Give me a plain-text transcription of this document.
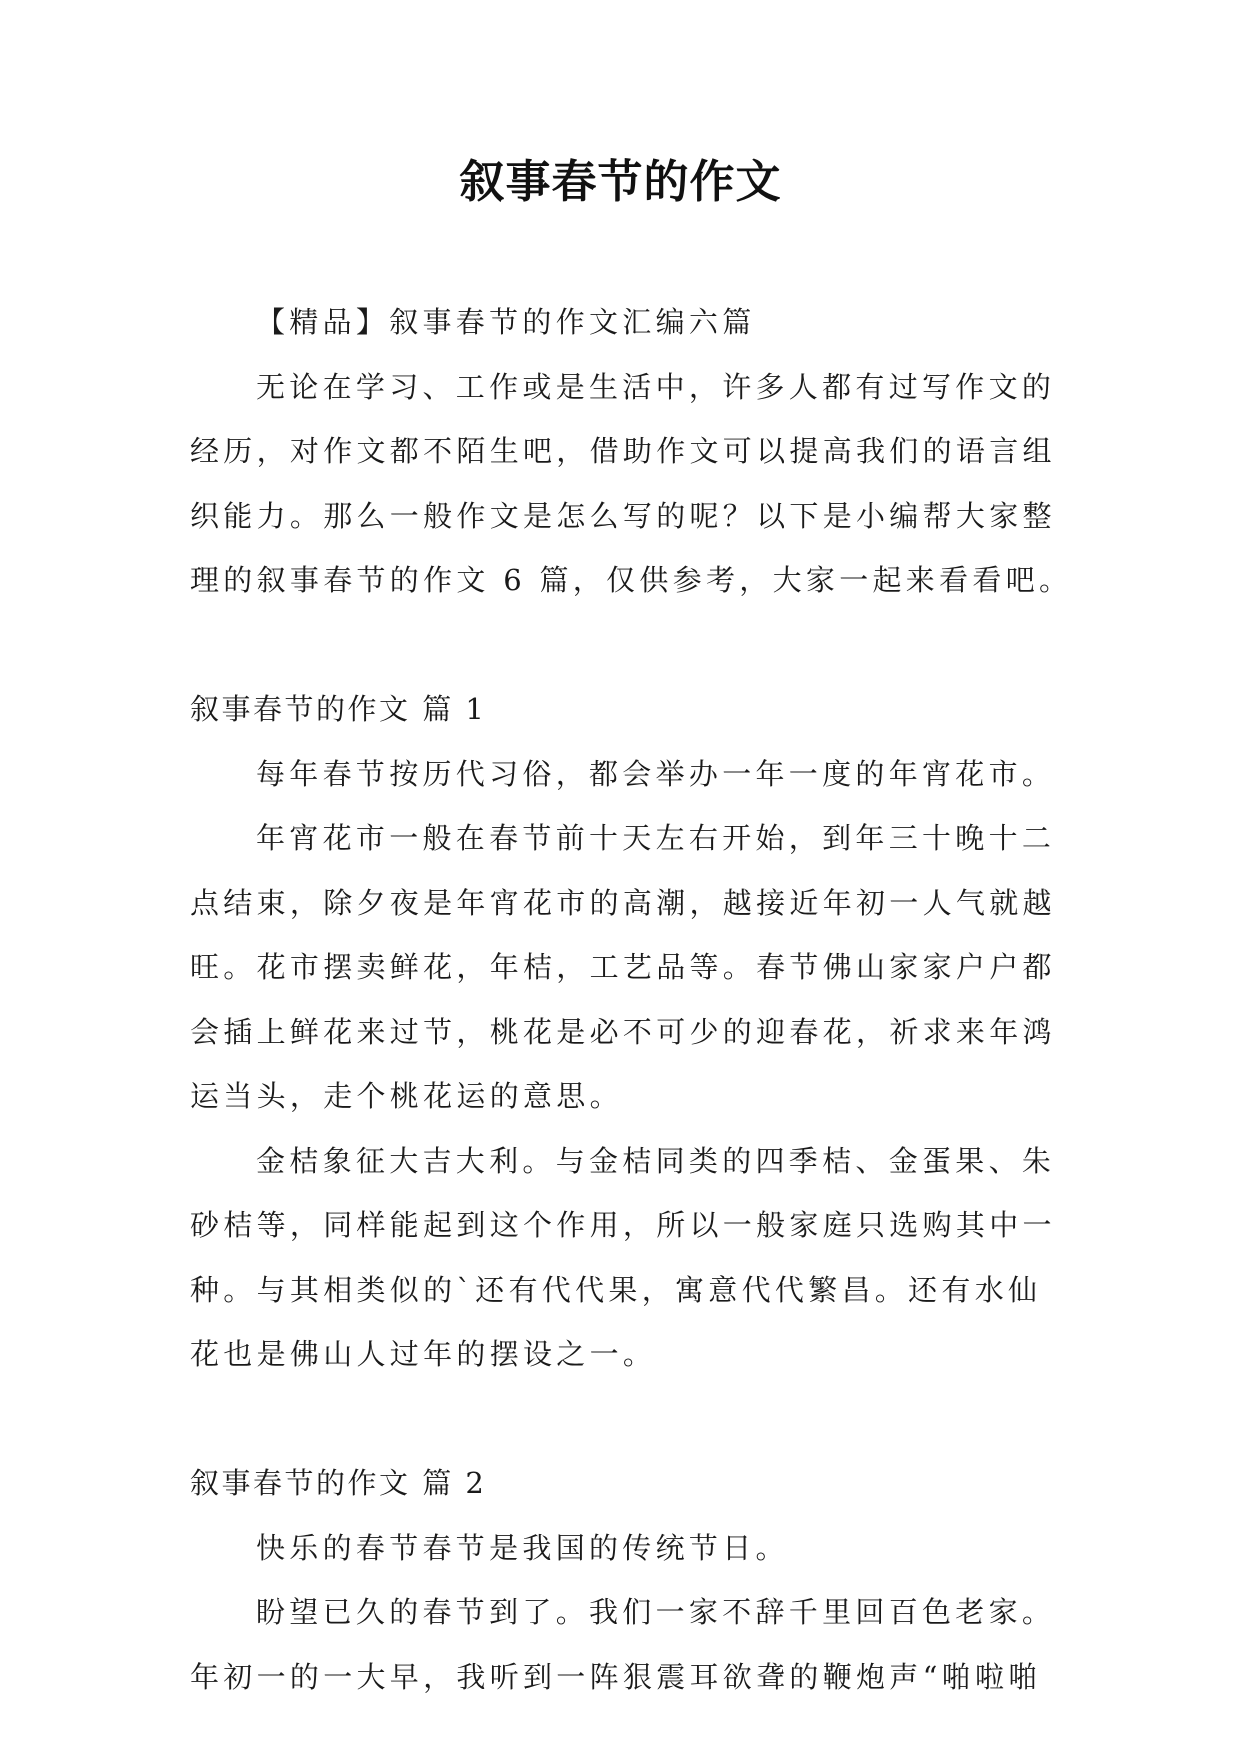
叙事春节的作文
【精品】叙事春节的作文汇编六篇
无论在学习、工作或是生活中，许多人都有过写作文的
经历，对作文都不陌生吧，借助作文可以提高我们的语言组
织能力。那么一般作文是怎么写的呢？以下是小编帮大家整
理的叙事春节的作文 6 篇，仅供参考，大家一起来看看吧。
叙事春节的作文 篇 1
每年春节按历代习俗，都会举办一年一度的年宵花市。
年宵花市一般在春节前十天左右开始，到年三十晚十二
点结束，除夕夜是年宵花市的高潮，越接近年初一人气就越
旺。花市摆卖鲜花，年桔，工艺品等。春节佛山家家户户都
会插上鲜花来过节，桃花是必不可少的迎春花，祈求来年鸿
运当头，走个桃花运的意思。
金桔象征大吉大利。与金桔同类的四季桔、金蛋果、朱
砂桔等，同样能起到这个作用，所以一般家庭只选购其中一
种。与其相类似的`还有代代果，寓意代代繁昌。还有水仙
花也是佛山人过年的摆设之一。
叙事春节的作文 篇 2
快乐的春节春节是我国的传统节日。
盼望已久的春节到了。我们一家不辞千里回百色老家。
年初一的一大早，我听到一阵狠震耳欲聋的鞭炮声“啪啦啪
